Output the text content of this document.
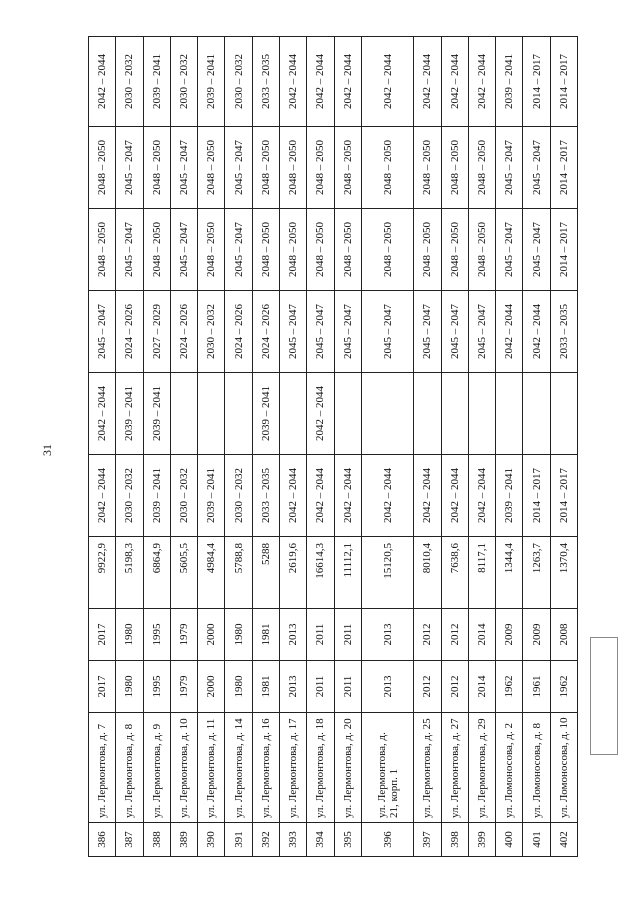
31
386	ул. Лермонтова, д. 7	2017	2017	9922,9	2042 – 2044	2042 – 2044	2045 – 2047	2048 – 2050	2048 – 2050	2042 – 2044
387	ул. Лермонтова, д. 8	1980	1980	5198,3	2030 – 2032	2039 – 2041	2024 – 2026	2045 – 2047	2045 – 2047	2030 – 2032
388	ул. Лермонтова, д. 9	1995	1995	6864,9	2039 – 2041	2039 – 2041	2027 – 2029	2048 – 2050	2048 – 2050	2039 – 2041
389	ул. Лермонтова, д. 10	1979	1979	5605,5	2030 – 2032		2024 – 2026	2045 – 2047	2045 – 2047	2030 – 2032
390	ул. Лермонтова, д. 11	2000	2000	4984,4	2039 – 2041		2030 – 2032	2048 – 2050	2048 – 2050	2039 – 2041
391	ул. Лермонтова, д. 14	1980	1980	5788,8	2030 – 2032		2024 – 2026	2045 – 2047	2045 – 2047	2030 – 2032
392	ул. Лермонтова, д. 16	1981	1981	5288	2033 – 2035	2039 – 2041	2024 – 2026	2048 – 2050	2048 – 2050	2033 – 2035
393	ул. Лермонтова, д. 17	2013	2013	2619,6	2042 – 2044		2045 – 2047	2048 – 2050	2048 – 2050	2042 – 2044
394	ул. Лермонтова, д. 18	2011	2011	16614,3	2042 – 2044	2042 – 2044	2045 – 2047	2048 – 2050	2048 – 2050	2042 – 2044
395	ул. Лермонтова, д. 20	2011	2011	11112,1	2042 – 2044		2045 – 2047	2048 – 2050	2048 – 2050	2042 – 2044
396	ул. Лермонтова, д. 21, корп. 1	2013	2013	15120,5	2042 – 2044		2045 – 2047	2048 – 2050	2048 – 2050	2042 – 2044
397	ул. Лермонтова, д. 25	2012	2012	8010,4	2042 – 2044		2045 – 2047	2048 – 2050	2048 – 2050	2042 – 2044
398	ул. Лермонтова, д. 27	2012	2012	7638,6	2042 – 2044		2045 – 2047	2048 – 2050	2048 – 2050	2042 – 2044
399	ул. Лермонтова, д. 29	2014	2014	8117,1	2042 – 2044		2045 – 2047	2048 – 2050	2048 – 2050	2042 – 2044
400	ул. Ломоносова, д. 2	1962	2009	1344,4	2039 – 2041		2042 – 2044	2045 – 2047	2045 – 2047	2039 – 2041
401	ул. Ломоносова, д. 8	1961	2009	1263,7	2014 – 2017		2042 – 2044	2045 – 2047	2045 – 2047	2014 – 2017
402	ул. Ломоносова, д. 10	1962	2008	1370,4	2014 – 2017		2033 – 2035	2014 – 2017	2014 – 2017	2014 – 2017
